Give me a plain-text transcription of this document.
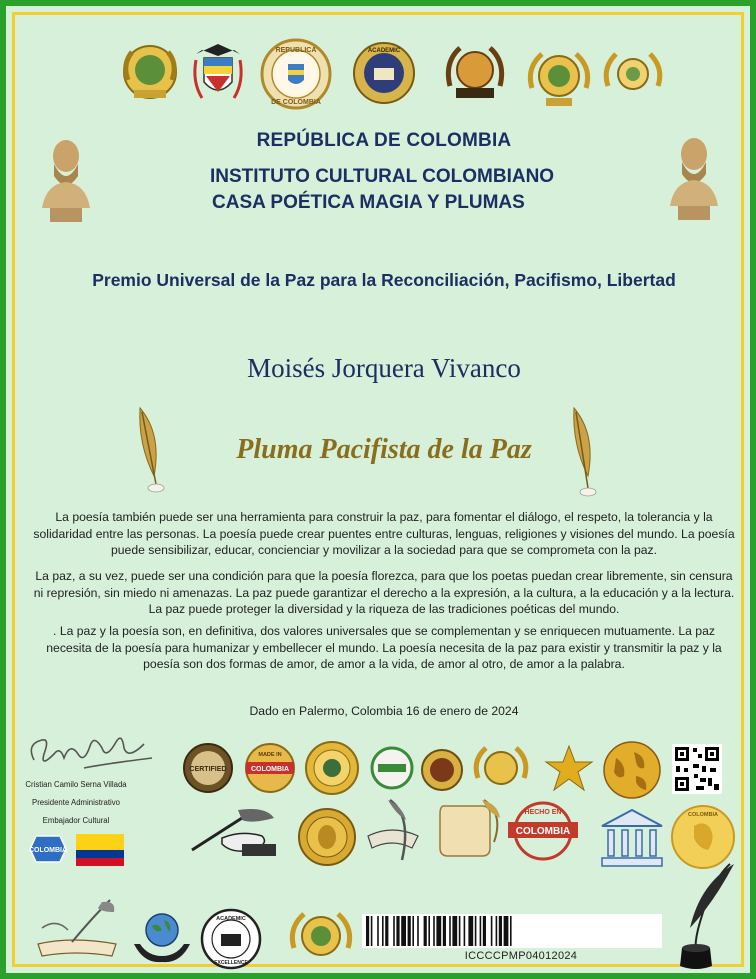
REPUBLICA
DE COLOMBIA
ACADEMIC
REPÚBLICA DE COLOMBIA
INSTITUTO CULTURAL COLOMBIANO
CASA POÉTICA MAGIA Y PLUMAS
Premio Universal de la Paz para la Reconciliación, Pacifismo, Libertad
Moisés Jorquera Vivanco
Pluma Pacifista de la Paz
La poesía también puede ser una herramienta para construir la paz, para fomentar el diálogo, el respeto, la tolerancia y la solidaridad entre las personas. La poesía puede crear puentes entre culturas, lenguas, religiones y visiones del mundo. La poesía puede sensibilizar, educar, concienciar y movilizar a la sociedad para que se comprometa con la paz.
La paz, a su vez, puede ser una condición para que la poesía florezca, para que los poetas puedan crear libremente, sin censura ni represión, sin miedo ni amenazas. La paz puede garantizar el derecho a la expresión, a la cultura, a la educación y a la lectura. La paz puede proteger la diversidad y la riqueza de las tradiciones poéticas del mundo.
. La paz y la poesía son, en definitiva, dos valores universales que se complementan y se enriquecen mutuamente. La paz necesita de la poesía para humanizar y embellecer el mundo. La poesía necesita de la paz para existir y transmitir la paz y la poesía son dos formas de amor, de amor a la vida, de amor al otro, de amor a la palabra.
Dado en Palermo, Colombia 16 de enero de 2024
Cristian Camilo Serna Villada
Presidente Administrativo
Embajador Cultural
COLOMBIA
CERTIFIED	COLOMBIA
MADE IN
COLOMBIA
HECHO EN	COLOMBIA
ACADEMIC
EXCELLENCE
ICCCCPMP04012024
